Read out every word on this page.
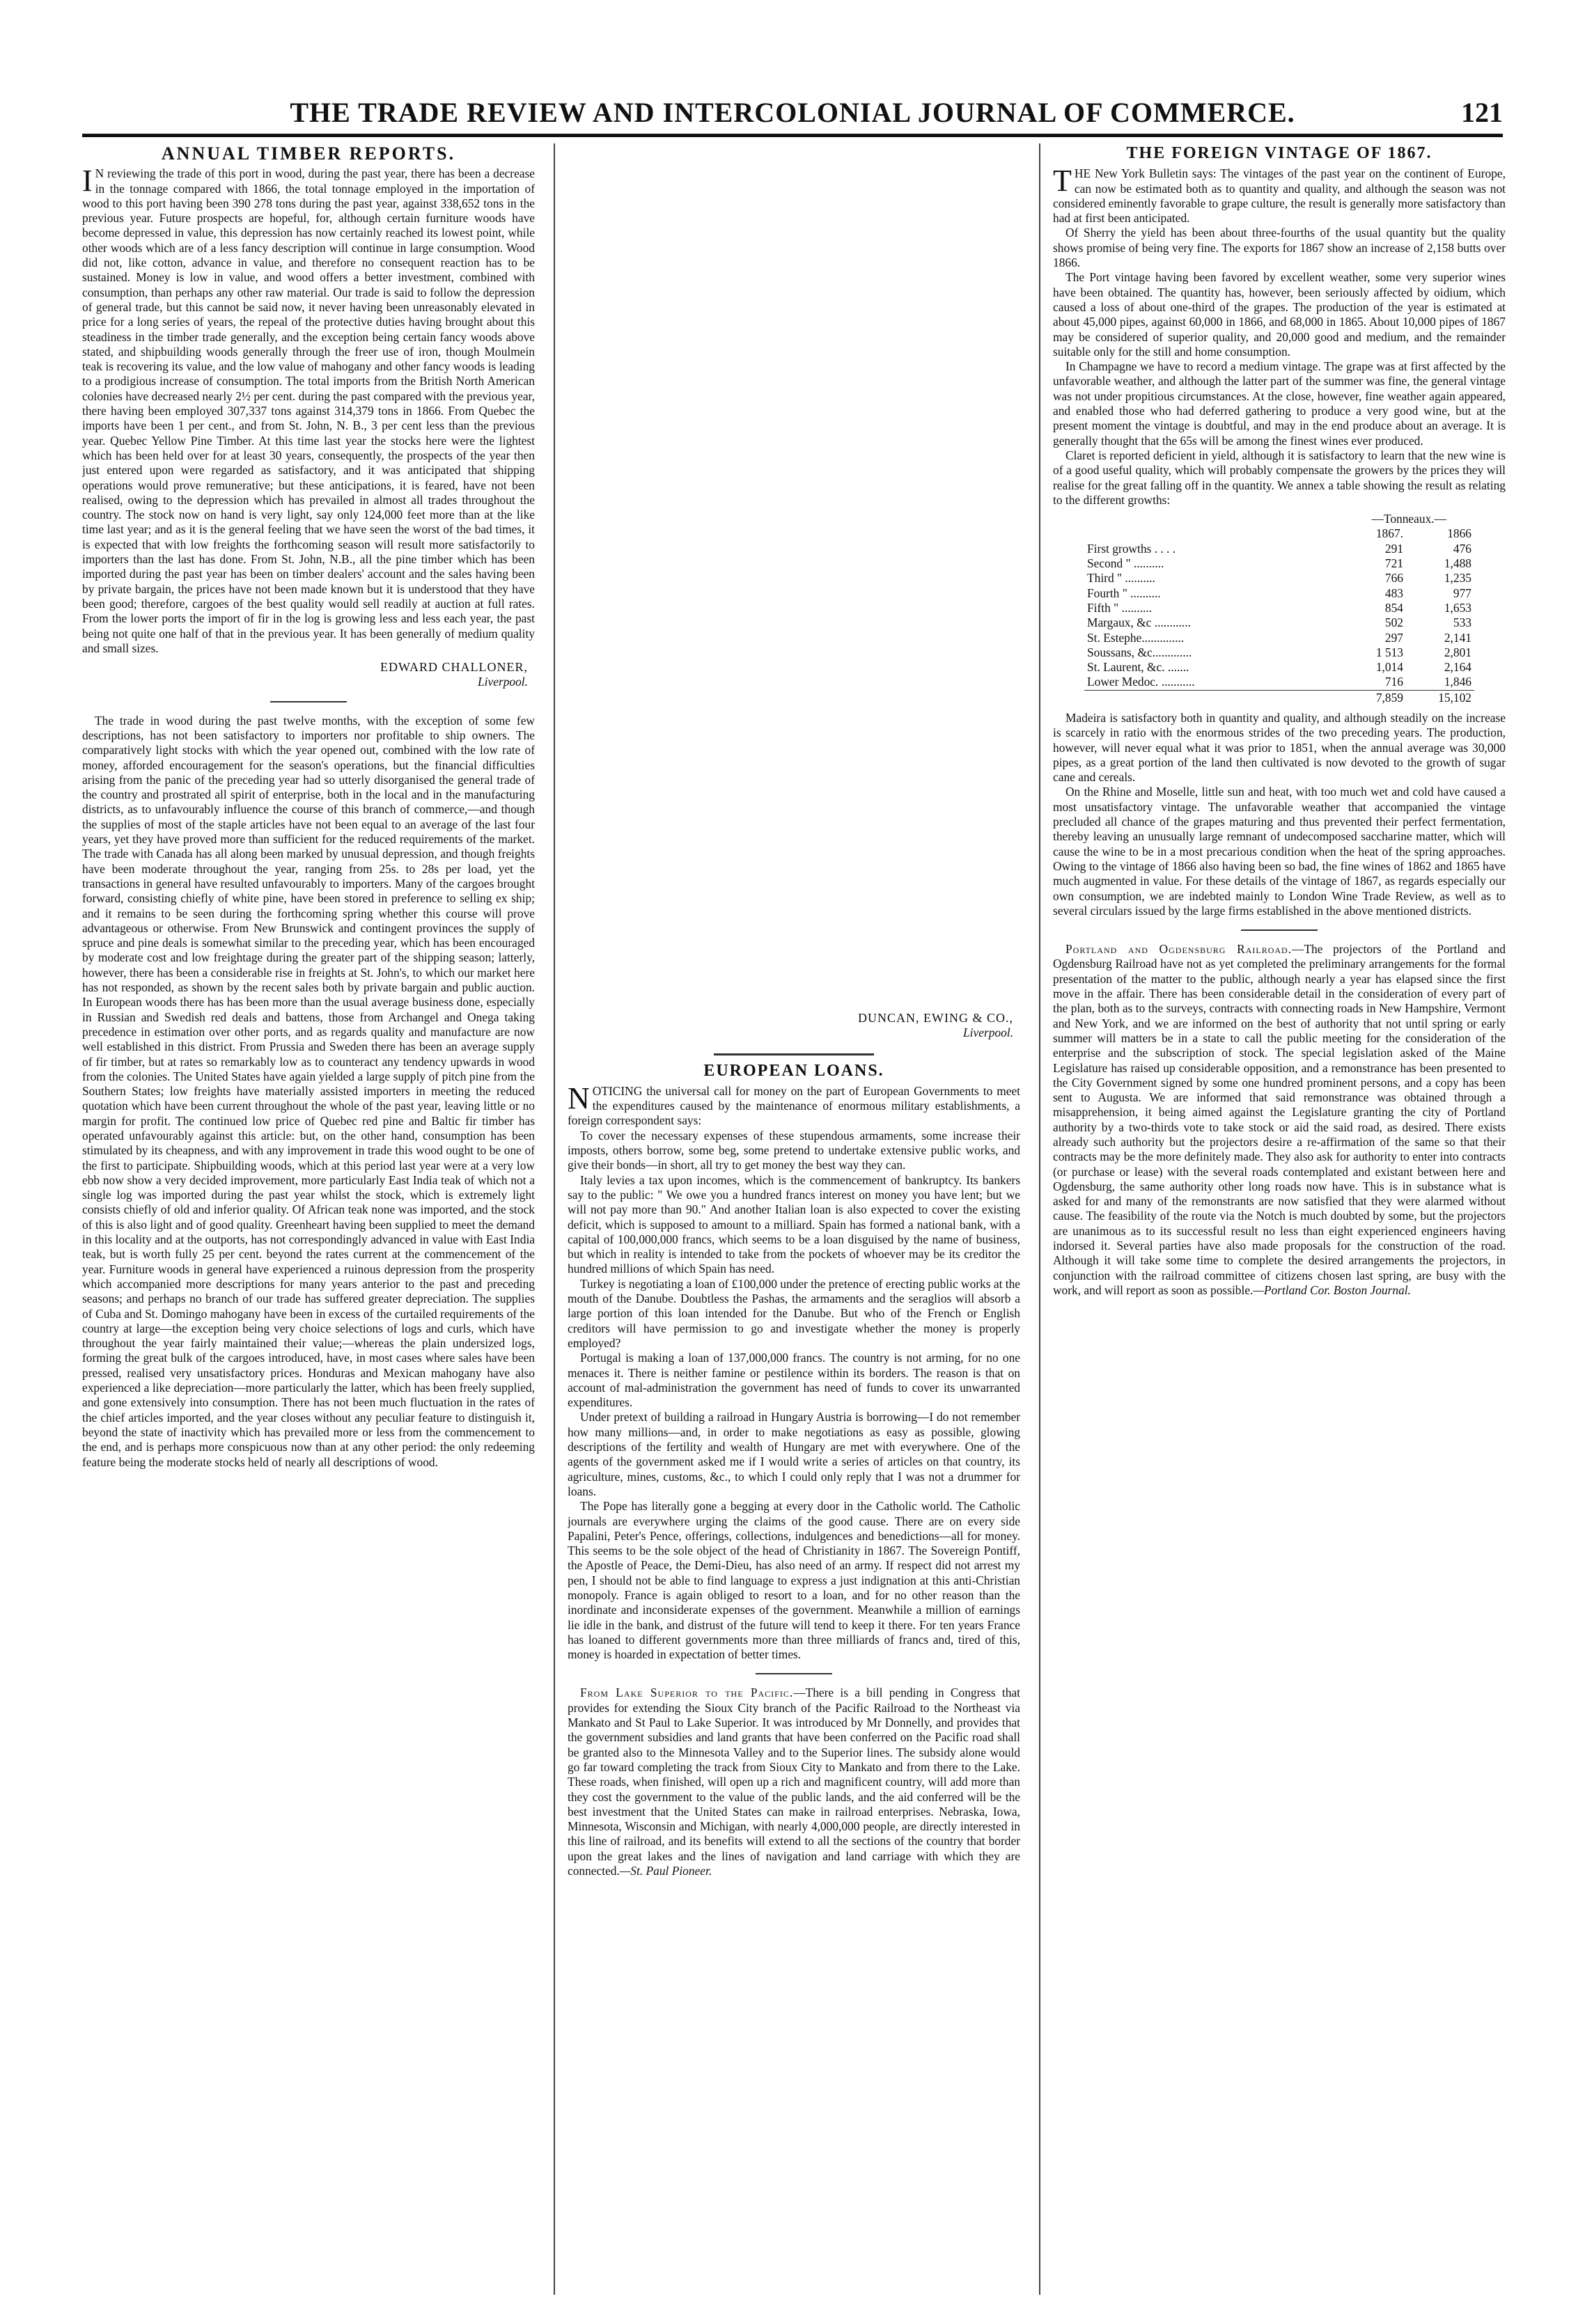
THE TRADE REVIEW AND INTERCOLONIAL JOURNAL OF COMMERCE.	121
ANNUAL TIMBER REPORTS.

IN reviewing the trade of this port in wood, during the past year, there has been a decrease in the tonnage compared with 1866, the total tonnage employed in the importation of wood to this port having been 390 278 tons during the past year, against 338,652 tons in the previous year. Future prospects are hopeful, for, although certain furniture woods have become depressed in value, this depression has now certainly reached its lowest point, while other woods which are of a less fancy description will continue in large consumption. Wood did not, like cotton, advance in value, and therefore no consequent reaction has to be sustained. Money is low in value, and wood offers a better investment, combined with consumption, than perhaps any other raw material. Our trade is said to follow the depression of general trade, but this cannot be said now, it never having been unreasonably elevated in price for a long series of years, the repeal of the protective duties having brought about this steadiness in the timber trade generally, and the exception being certain fancy woods above stated, and shipbuilding woods generally through the freer use of iron, though Moulmein teak is recovering its value, and the low value of mahogany and other fancy woods is leading to a prodigious increase of consumption. The total imports from the British North American colonies have decreased nearly 2½ per cent. during the past compared with the previous year, there having been employed 307,337 tons against 314,379 tons in 1866. From Quebec the imports have been 1 per cent., and from St. John, N. B., 3 per cent less than the previous year. Quebec Yellow Pine Timber. At this time last year the stocks here were the lightest which has been held over for at least 30 years, consequently, the prospects of the year then just entered upon were regarded as satisfactory, and it was anticipated that shipping operations would prove remunerative; but these anticipations, it is feared, have not been realised, owing to the depression which has prevailed in almost all trades throughout the country. The stock now on hand is very light, say only 124,000 feet more than at the like time last year; and as it is the general feeling that we have seen the worst of the bad times, it is expected that with low freights the forthcoming season will result more satisfactorily to importers than the last has done. From St. John, N.B., all the pine timber which has been imported during the past year has been on timber dealers' account and the sales having been by private bargain, the prices have not been made known but it is understood that they have been good; therefore, cargoes of the best quality would sell readily at auction at full rates. From the lower ports the import of fir in the log is growing less and less each year, the past being not quite one half of that in the previous year. It has been generally of medium quality and small sizes.

EDWARD CHALLONER,
Liverpool.

The trade in wood during the past twelve months, with the exception of some few descriptions, has not been satisfactory to importers nor profitable to ship owners. The comparatively light stocks with which the year opened out, combined with the low rate of money, afforded encouragement for the season's operations, but the financial difficulties arising from the panic of the preceding year had so utterly disorganised the general trade of the country and prostrated all spirit of enterprise, both in the local and in the manufacturing districts, as to unfavourably influence the course of this branch of commerce,—and though the supplies of most of the staple articles have not been equal to an average of the last four years, yet they have proved more than sufficient for the reduced requirements of the market. The trade with Canada has all along been marked by unusual depression, and though freights have been moderate throughout the year, ranging from 25s. to 28s per load, yet the transactions in general have resulted unfavourably to importers. Many of the cargoes brought forward, consisting chiefly of white pine, have been stored in preference to selling ex ship; and it remains to be seen during the forthcoming spring whether this course will prove advantageous or otherwise. From New Brunswick and contingent provinces the supply of spruce and pine deals is somewhat similar to the preceding year, which has been encouraged by moderate cost and low freightage during the greater part of the shipping season; latterly, however, there has been a considerable rise in freights at St. John's, to which our market here has not responded, as shown by the recent sales both by private bargain and public auction. In European woods there has has been more than the usual average business done, especially in Russian and Swedish red deals and battens, those from Archangel and Onega taking precedence in estimation over other ports, and as regards quality and manufacture are now well established in this district. From Prussia and Sweden there has been an average supply of fir timber, but at rates so remarkably low as to counteract any tendency upwards in wood from the colonies. The United States have again yielded a large supply of pitch pine from the Southern States; low freights have materially assisted importers in meeting the reduced quotation which have been current throughout the whole of the past year, leaving little or no margin for profit. The continued low price of Quebec red pine and Baltic fir timber has operated unfavourably against this article: but, on the other hand, consumption has been stimulated by its cheapness, and with any improvement in trade this wood ought to be one of the first to participate. Shipbuilding woods, which at this period last year were at a very low ebb now show a very decided improvement, more particularly East India teak of which not a single log was imported during the past year whilst the stock, which is extremely light consists chiefly of old and inferior quality. Of African teak none was imported, and the stock of this is also light and of good quality. Greenheart having been supplied to meet the demand in this locality and at the outports, has not correspondingly advanced in value with East India teak, but is worth fully 25 per cent. beyond the rates current at the commencement of the year. Furniture woods in general have experienced a ruinous depression from the prosperity which accompanied more descriptions for many years anterior to the past and preceding seasons; and perhaps no branch of our trade has suffered greater depreciation. The supplies of Cuba and St. Domingo mahogany have been in excess of the curtailed requirements of the country at large—the exception being very choice selections of logs and curls, which have throughout the year fairly maintained their value;—whereas the plain undersized logs, forming the great bulk of the cargoes introduced, have, in most cases where sales have been pressed, realised very unsatisfactory prices. Honduras and Mexican mahogany have also experienced a like depreciation—more particularly the latter, which has been freely supplied, and gone extensively into consumption. There has not been much fluctuation in the rates of the chief articles imported, and the year closes without any peculiar feature to distinguish it, beyond the state of inactivity which has prevailed more or less from the commencement to the end, and is perhaps more conspicuous now than at any other period: the only redeeming feature being the moderate stocks held of nearly all descriptions of wood.

DUNCAN, EWING & CO.,
Liverpool.
EUROPEAN LOANS.

NOTICING the universal call for money on the part of European Governments to meet the expenditures caused by the maintenance of enormous military establishments, a foreign correspondent says:

To cover the necessary expenses of these stupendous armaments, some increase their imposts, others borrow, some beg, some pretend to undertake extensive public works, and give their bonds—in short, all try to get money the best way they can.

Italy levies a tax upon incomes, which is the commencement of bankruptcy. Its bankers say to the public: " We owe you a hundred francs interest on money you have lent; but we will not pay more than 90." And another Italian loan is also expected to cover the existing deficit, which is supposed to amount to a milliard. Spain has formed a national bank, with a capital of 100,000,000 francs, which seems to be a loan disguised by the name of business, but which in reality is intended to take from the pockets of whoever may be its creditor the hundred millions of which Spain has need.

Turkey is negotiating a loan of £100,000 under the pretence of erecting public works at the mouth of the Danube. Doubtless the Pashas, the armaments and the seraglios will absorb a large portion of this loan intended for the Danube. But who of the French or English creditors will have permission to go and investigate whether the money is properly employed?

Portugal is making a loan of 137,000,000 francs. The country is not arming, for no one menaces it. There is neither famine or pestilence within its borders. The reason is that on account of mal-administration the government has need of funds to cover its unwarranted expenditures.

Under pretext of building a railroad in Hungary Austria is borrowing—I do not remember how many millions—and, in order to make negotiations as easy as possible, glowing descriptions of the fertility and wealth of Hungary are met with everywhere. One of the agents of the government asked me if I would write a series of articles on that country, its agriculture, mines, customs, &c., to which I could only reply that I was not a drummer for loans.

The Pope has literally gone a begging at every door in the Catholic world. The Catholic journals are everywhere urging the claims of the good cause. There are on every side Papalini, Peter's Pence, offerings, collections, indulgences and benedictions—all for money. This seems to be the sole object of the head of Christianity in 1867. The Sovereign Pontiff, the Apostle of Peace, the Demi-Dieu, has also need of an army. If respect did not arrest my pen, I should not be able to find language to express a just indignation at this anti-Christian monopoly. France is again obliged to resort to a loan, and for no other reason than the inordinate and inconsiderate expenses of the government. Meanwhile a million of earnings lie idle in the bank, and distrust of the future will tend to keep it there. For ten years France has loaned to different governments more than three milliards of francs and, tired of this, money is hoarded in expectation of better times.

From Lake Superior to the Pacific.—There is a bill pending in Congress that provides for extending the Sioux City branch of the Pacific Railroad to the Northeast via Mankato and St Paul to Lake Superior. It was introduced by Mr Donnelly, and provides that the government subsidies and land grants that have been conferred on the Pacific road shall be granted also to the Minnesota Valley and to the Superior lines. The subsidy alone would go far toward completing the track from Sioux City to Mankato and from there to the Lake. These roads, when finished, will open up a rich and magnificent country, will add more than they cost the government to the value of the public lands, and the aid conferred will be the best investment that the United States can make in railroad enterprises. Nebraska, Iowa, Minnesota, Wisconsin and Michigan, with nearly 4,000,000 people, are directly interested in this line of railroad, and its benefits will extend to all the sections of the country that border upon the great lakes and the lines of navigation and land carriage with which they are connected.—St. Paul Pioneer.

THE FOREIGN VINTAGE OF 1867.

THE New York Bulletin says: The vintages of the past year on the continent of Europe, can now be estimated both as to quantity and quality, and although the season was not considered eminently favorable to grape culture, the result is generally more satisfactory than had at first been anticipated.

Of Sherry the yield has been about three-fourths of the usual quantity but the quality shows promise of being very fine. The exports for 1867 show an increase of 2,158 butts over 1866.

The Port vintage having been favored by excellent weather, some very superior wines have been obtained. The quantity has, however, been seriously affected by oidium, which caused a loss of about one-third of the grapes. The production of the year is estimated at about 45,000 pipes, against 60,000 in 1866, and 68,000 in 1865. About 10,000 pipes of 1867 may be considered of superior quality, and 20,000 good and medium, and the remainder suitable only for the still and home consumption.

In Champagne we have to record a medium vintage. The grape was at first affected by the unfavorable weather, and although the latter part of the summer was fine, the general vintage was not under propitious circumstances. At the close, however, fine weather again appeared, and enabled those who had deferred gathering to produce a very good wine, but at the present moment the vintage is doubtful, and may in the end produce about an average. It is generally thought that the 65s will be among the finest wines ever produced.

Claret is reported deficient in yield, although it is satisfactory to learn that the new wine is of a good useful quality, which will probably compensate the growers by the prices they will realise for the great falling off in the quantity. We annex a table showing the result as relating to the different growths:

	—Tonneaux.—	
	1867.	1866
First growths . . . .	291	476
Second " ..........	721	1,488
Third " ..........	766	1,235
Fourth " ..........	483	977
Fifth " ..........	854	1,653
Margaux, &c ............	502	533
St. Estephe..............	297	2,141
Soussans, &c.............	1 513	2,801
St. Laurent, &c. .......	1,014	2,164
Lower Medoc. ...........	716	1,846
	7,859	15,102

Madeira is satisfactory both in quantity and quality, and although steadily on the increase is scarcely in ratio with the enormous strides of the two preceding years. The production, however, will never equal what it was prior to 1851, when the annual average was 30,000 pipes, as a great portion of the land then cultivated is now devoted to the growth of sugar cane and cereals.

On the Rhine and Moselle, little sun and heat, with too much wet and cold have caused a most unsatisfactory vintage. The unfavorable weather that accompanied the vintage precluded all chance of the grapes maturing and thus prevented their perfect fermentation, thereby leaving an unusually large remnant of undecomposed saccharine matter, which will cause the wine to be in a most precarious condition when the heat of the spring approaches. Owing to the vintage of 1866 also having been so bad, the fine wines of 1862 and 1865 have much augmented in value. For these details of the vintage of 1867, as regards especially our own consumption, we are indebted mainly to London Wine Trade Review, as well as to several circulars issued by the large firms established in the above mentioned districts.

Portland and Ogdensburg Railroad.—The projectors of the Portland and Ogdensburg Railroad have not as yet completed the preliminary arrangements for the formal presentation of the matter to the public, although nearly a year has elapsed since the first move in the affair. There has been considerable detail in the consideration of every part of the plan, both as to the surveys, contracts with connecting roads in New Hampshire, Vermont and New York, and we are informed on the best of authority that not until spring or early summer will matters be in a state to call the public meeting for the consideration of the enterprise and the subscription of stock. The special legislation asked of the Maine Legislature has raised up considerable opposition, and a remonstrance has been presented to the City Government signed by some one hundred prominent persons, and a copy has been sent to Augusta. We are informed that said remonstrance was obtained through a misapprehension, it being aimed against the Legislature granting the city of Portland authority by a two-thirds vote to take stock or aid the said road, as desired. There exists already such authority but the projectors desire a re-affirmation of the same so that their contracts may be the more definitely made. They also ask for authority to enter into contracts (or purchase or lease) with the several roads contemplated and existant between here and Ogdensburg, the same authority other long roads now have. This is in substance what is asked for and many of the remonstrants are now satisfied that they were alarmed without cause. The feasibility of the route via the Notch is much doubted by some, but the projectors are unanimous as to its successful result no less than eight experienced engineers having indorsed it. Several parties have also made proposals for the construction of the road. Although it will take some time to complete the desired arrangements the projectors, in conjunction with the railroad committee of citizens chosen last spring, are busy with the work, and will report as soon as possible.—Portland Cor. Boston Journal.
